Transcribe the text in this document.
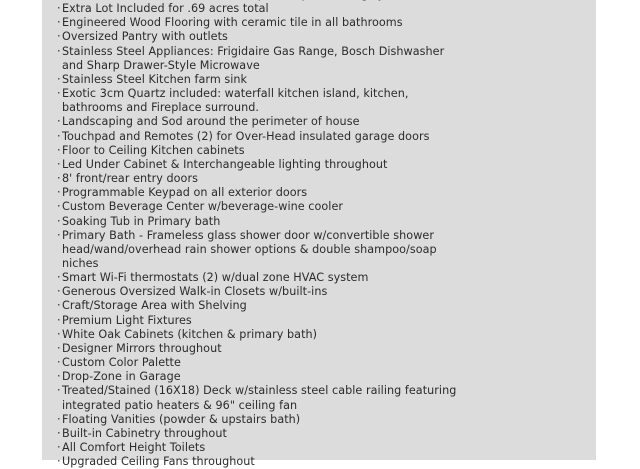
· Extra Lot Included for .69 acres total
· Engineered Wood Flooring with ceramic tile in all bathrooms
· Oversized Pantry with outlets
· Stainless Steel Appliances: Frigidaire Gas Range, Bosch Dishwasher
and Sharp Drawer-Style Microwave
· Stainless Steel Kitchen farm sink
· Exotic 3cm Quartz included: waterfall kitchen island, kitchen,
bathrooms and Fireplace surround.
· Landscaping and Sod around the perimeter of house
· Touchpad and Remotes (2) for Over-Head insulated garage doors
· Floor to Ceiling Kitchen cabinets
· Led Under Cabinet & Interchangeable lighting throughout
· 8' front/rear entry doors
· Programmable Keypad on all exterior doors
· Custom Beverage Center w/beverage-wine cooler
· Soaking Tub in Primary bath
· Primary Bath - Frameless glass shower door w/convertible shower
head/wand/overhead rain shower options & double shampoo/soap
niches
· Smart Wi-Fi thermostats (2) w/dual zone HVAC system
· Generous Oversized Walk-in Closets w/built-ins
· Craft/Storage Area with Shelving
· Premium Light Fixtures
· White Oak Cabinets (kitchen & primary bath)
· Designer Mirrors throughout
· Custom Color Palette
· Drop-Zone in Garage
· Treated/Stained (16X18) Deck w/stainless steel cable railing featuring
integrated patio heaters & 96" ceiling fan
· Floating Vanities (powder & upstairs bath)
· Built-in Cabinetry throughout
· All Comfort Height Toilets
· Upgraded Ceiling Fans throughout
